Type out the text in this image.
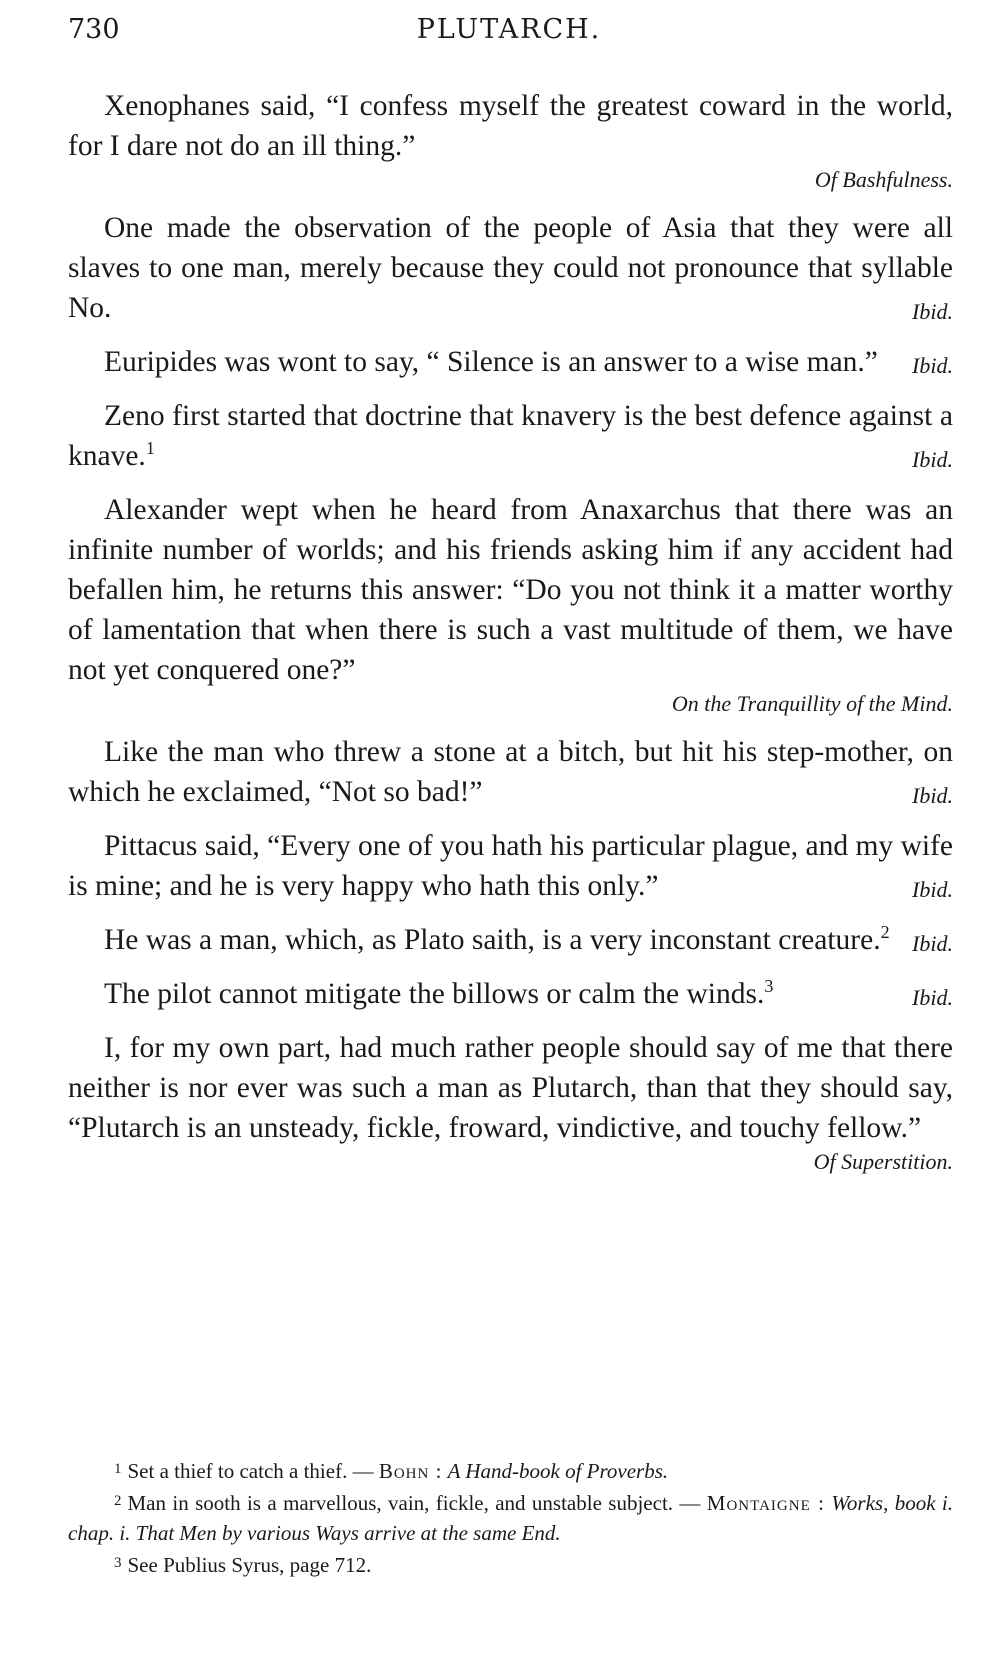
730	PLUTARCH.

Xenophanes said, “I confess myself the greatest coward in the world, for I dare not do an ill thing.”

Of Bashfulness.

One made the observation of the people of Asia that they were all slaves to one man, merely because they could not pronounce that syllable No.	Ibid.

Euripides was wont to say, “ Silence is an answer to a wise man.”	Ibid.

Zeno first started that doctrine that knavery is the best defence against a knave.$^1$	Ibid.

Alexander wept when he heard from Anaxarchus that there was an infinite number of worlds; and his friends asking him if any accident had befallen him, he returns this answer: “Do you not think it a matter worthy of lamentation that when there is such a vast multitude of them, we have not yet conquered one?”

On the Tranquillity of the Mind.

Like the man who threw a stone at a bitch, but hit his step-mother, on which he exclaimed, “Not so bad!”	Ibid.

Pittacus said, “Every one of you hath his particular plague, and my wife is mine; and he is very happy who hath this only.”	Ibid.

He was a man, which, as Plato saith, is a very inconstant creature.$^2$	Ibid.

The pilot cannot mitigate the billows or calm the winds.$^3$	Ibid.

I, for my own part, had much rather people should say of me that there neither is nor ever was such a man as Plutarch, than that they should say, “Plutarch is an unsteady, fickle, froward, vindictive, and touchy fellow.”

Of Superstition.

$^1$ Set a thief to catch a thief. — Bohn : A Hand-book of Proverbs.

$^2$ Man in sooth is a marvellous, vain, fickle, and unstable subject. — Montaigne : Works, book i. chap. i. That Men by various Ways arrive at the same End.

$^3$ See Publius Syrus, page 712.
